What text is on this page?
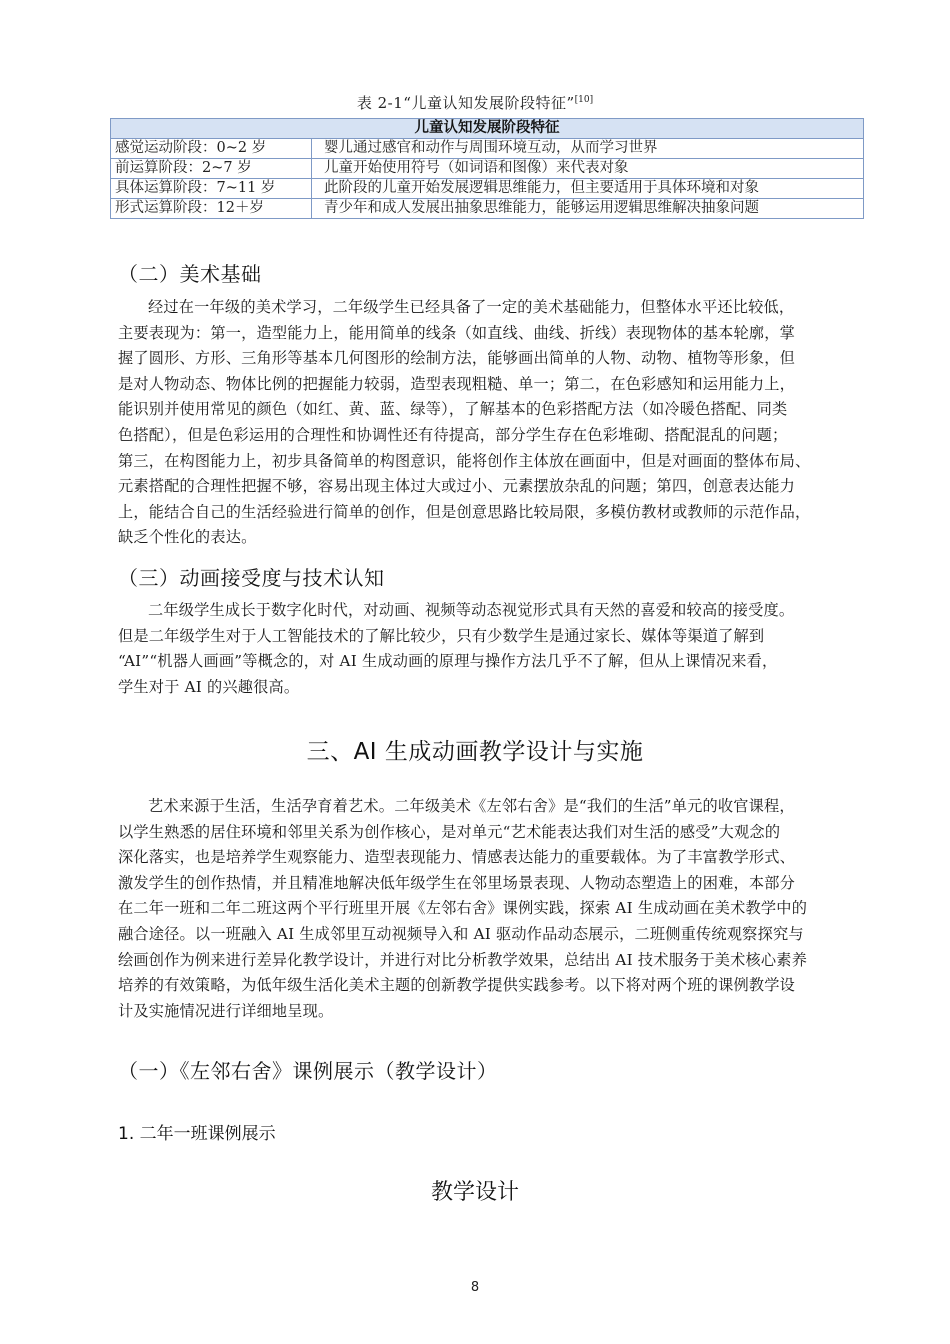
表 2-1“儿童认知发展阶段特征”[10]
儿童认知发展阶段特征	
感觉运动阶段：0~2 岁	婴儿通过感官和动作与周围环境互动，从而学习世界
前运算阶段：2~7 岁	儿童开始使用符号（如词语和图像）来代表对象
具体运算阶段：7~11 岁	此阶段的儿童开始发展逻辑思维能力，但主要适用于具体环境和对象
形式运算阶段：12＋岁	青少年和成人发展出抽象思维能力，能够运用逻辑思维解决抽象问题
（二）美术基础
经过在一年级的美术学习，二年级学生已经具备了一定的美术基础能力，但整体水平还比较低，
主要表现为：第一，造型能力上，能用简单的线条（如直线、曲线、折线）表现物体的基本轮廓，掌
握了圆形、方形、三角形等基本几何图形的绘制方法，能够画出简单的人物、动物、植物等形象，但
是对人物动态、物体比例的把握能力较弱，造型表现粗糙、单一；第二，在色彩感知和运用能力上，
能识别并使用常见的颜色（如红、黄、蓝、绿等），了解基本的色彩搭配方法（如冷暖色搭配、同类
色搭配），但是色彩运用的合理性和协调性还有待提高，部分学生存在色彩堆砌、搭配混乱的问题；
第三，在构图能力上，初步具备简单的构图意识，能将创作主体放在画面中，但是对画面的整体布局、
元素搭配的合理性把握不够，容易出现主体过大或过小、元素摆放杂乱的问题；第四，创意表达能力
上，能结合自己的生活经验进行简单的创作，但是创意思路比较局限，多模仿教材或教师的示范作品，
缺乏个性化的表达。
（三）动画接受度与技术认知
二年级学生成长于数字化时代，对动画、视频等动态视觉形式具有天然的喜爱和较高的接受度。
但是二年级学生对于人工智能技术的了解比较少，只有少数学生是通过家长、媒体等渠道了解到
“AI”“机器人画画”等概念的，对 AI 生成动画的原理与操作方法几乎不了解，但从上课情况来看，
学生对于 AI 的兴趣很高。
三、AI 生成动画教学设计与实施
艺术来源于生活，生活孕育着艺术。二年级美术《左邻右舍》是“我们的生活”单元的收官课程，
以学生熟悉的居住环境和邻里关系为创作核心，是对单元“艺术能表达我们对生活的感受”大观念的
深化落实，也是培养学生观察能力、造型表现能力、情感表达能力的重要载体。为了丰富教学形式、
激发学生的创作热情，并且精准地解决低年级学生在邻里场景表现、人物动态塑造上的困难，本部分
在二年一班和二年二班这两个平行班里开展《左邻右舍》课例实践，探索 AI 生成动画在美术教学中的
融合途径。以一班融入 AI 生成邻里互动视频导入和 AI 驱动作品动态展示，二班侧重传统观察探究与
绘画创作为例来进行差异化教学设计，并进行对比分析教学效果，总结出 AI 技术服务于美术核心素养
培养的有效策略，为低年级生活化美术主题的创新教学提供实践参考。以下将对两个班的课例教学设
计及实施情况进行详细地呈现。
（一）《左邻右舍》课例展示（教学设计）
1. 二年一班课例展示
教学设计
8
